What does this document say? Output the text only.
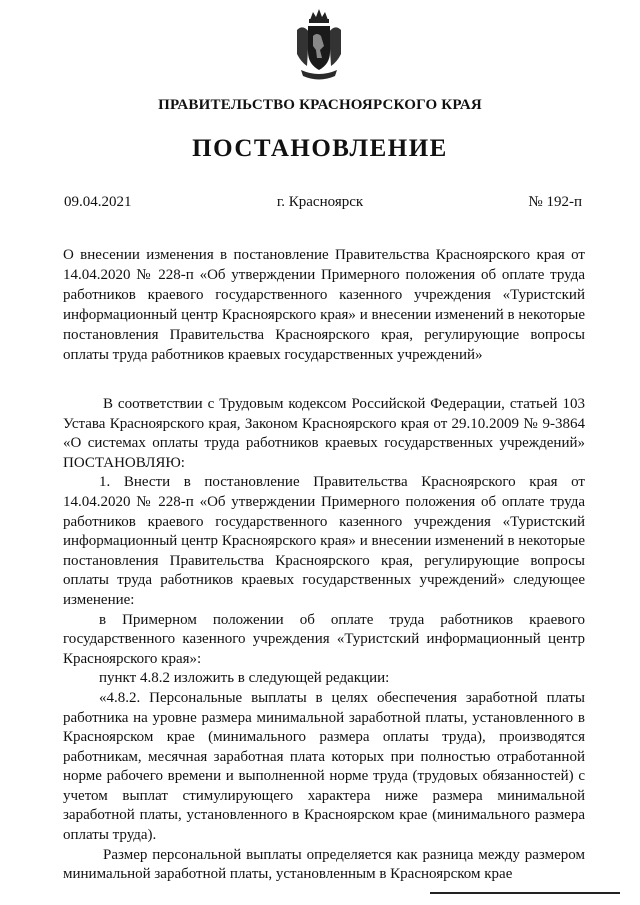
ПРАВИТЕЛЬСТВО КРАСНОЯРСКОГО КРАЯ
ПОСТАНОВЛЕНИЕ
09.04.2021	г. Красноярск	№ 192-п
О внесении изменения в постановление Правительства Красноярского края от 14.04.2020 № 228-п «Об утверждении Примерного положения об оплате труда работников краевого государственного казенного учреждения «Туристский информационный центр Красноярского края» и внесении изменений в некоторые постановления Правительства Красноярского края, регулирующие вопросы оплаты труда работников краевых государственных учреждений»

В соответствии с Трудовым кодексом Российской Федерации, статьей 103 Устава Красноярского края, Законом Красноярского края от 29.10.2009 № 9-3864 «О системах оплаты труда работников краевых государственных учреждений» ПОСТАНОВЛЯЮ:

1. Внести в постановление Правительства Красноярского края от 14.04.2020 № 228-п «Об утверждении Примерного положения об оплате труда работников краевого государственного казенного учреждения «Туристский информационный центр Красноярского края» и внесении изменений в некоторые постановления Правительства Красноярского края, регулирующие вопросы оплаты труда работников краевых государственных учреждений» следующее изменение:

в Примерном положении об оплате труда работников краевого государственного казенного учреждения «Туристский информационный центр Красноярского края»:

пункт 4.8.2 изложить в следующей редакции:

«4.8.2. Персональные выплаты в целях обеспечения заработной платы работника на уровне размера минимальной заработной платы, установленного в Красноярском крае (минимального размера оплаты труда), производятся работникам, месячная заработная плата которых при полностью отработанной норме рабочего времени и выполненной норме труда (трудовых обязанностей) с учетом выплат стимулирующего характера ниже размера минимальной заработной платы, установленного в Красноярском крае (минимального размера оплаты труда).

Размер персональной выплаты определяется как разница между размером минимальной заработной платы, установленным в Красноярском крае
